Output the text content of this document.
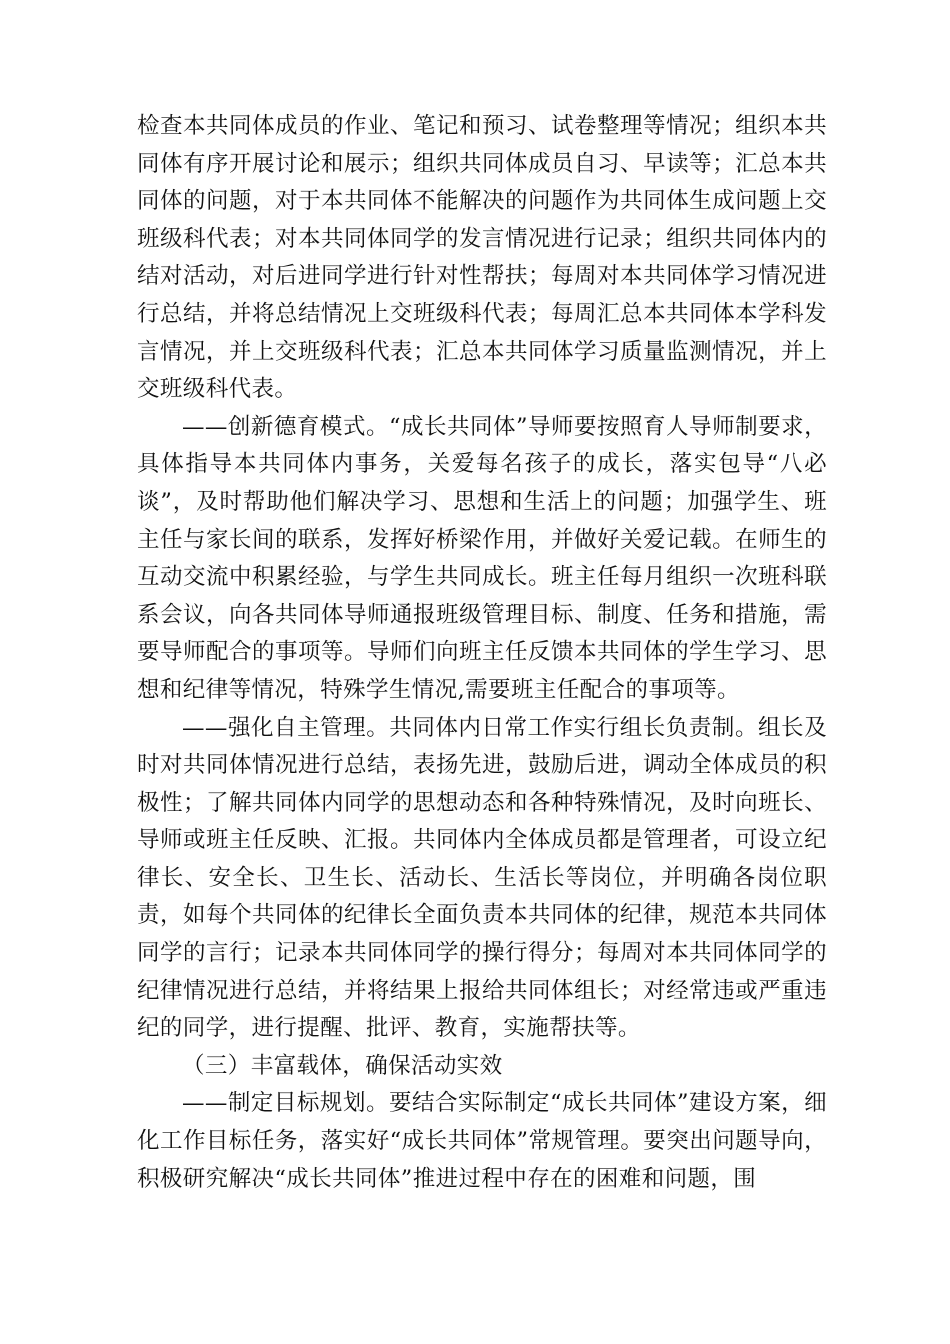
检查本共同体成员的作业、笔记和预习、试卷整理等情况；组织本共同体有序开展讨论和展示；组织共同体成员自习、早读等；汇总本共同体的问题，对于本共同体不能解决的问题作为共同体生成问题上交班级科代表；对本共同体同学的发言情况进行记录；组织共同体内的结对活动，对后进同学进行针对性帮扶；每周对本共同体学习情况进行总结，并将总结情况上交班级科代表；每周汇总本共同体本学科发言情况，并上交班级科代表；汇总本共同体学习质量监测情况，并上交班级科代表。

——创新德育模式。“成长共同体”导师要按照育人导师制要求，具体指导本共同体内事务，关爱每名孩子的成长，落实包导“八必谈”，及时帮助他们解决学习、思想和生活上的问题；加强学生、班主任与家长间的联系，发挥好桥梁作用，并做好关爱记载。在师生的互动交流中积累经验，与学生共同成长。班主任每月组织一次班科联系会议，向各共同体导师通报班级管理目标、制度、任务和措施，需要导师配合的事项等。导师们向班主任反馈本共同体的学生学习、思想和纪律等情况，特殊学生情况,需要班主任配合的事项等。

——强化自主管理。共同体内日常工作实行组长负责制。组长及时对共同体情况进行总结，表扬先进，鼓励后进，调动全体成员的积极性；了解共同体内同学的思想动态和各种特殊情况，及时向班长、导师或班主任反映、汇报。共同体内全体成员都是管理者，可设立纪律长、安全长、卫生长、活动长、生活长等岗位，并明确各岗位职责，如每个共同体的纪律长全面负责本共同体的纪律，规范本共同体同学的言行；记录本共同体同学的操行得分；每周对本共同体同学的纪律情况进行总结，并将结果上报给共同体组长；对经常违或严重违纪的同学，进行提醒、批评、教育，实施帮扶等。

（三）丰富载体，确保活动实效

——制定目标规划。要结合实际制定“成长共同体”建设方案，细化工作目标任务，落实好“成长共同体”常规管理。要突出问题导向，积极研究解决“成长共同体”推进过程中存在的困难和问题，围
